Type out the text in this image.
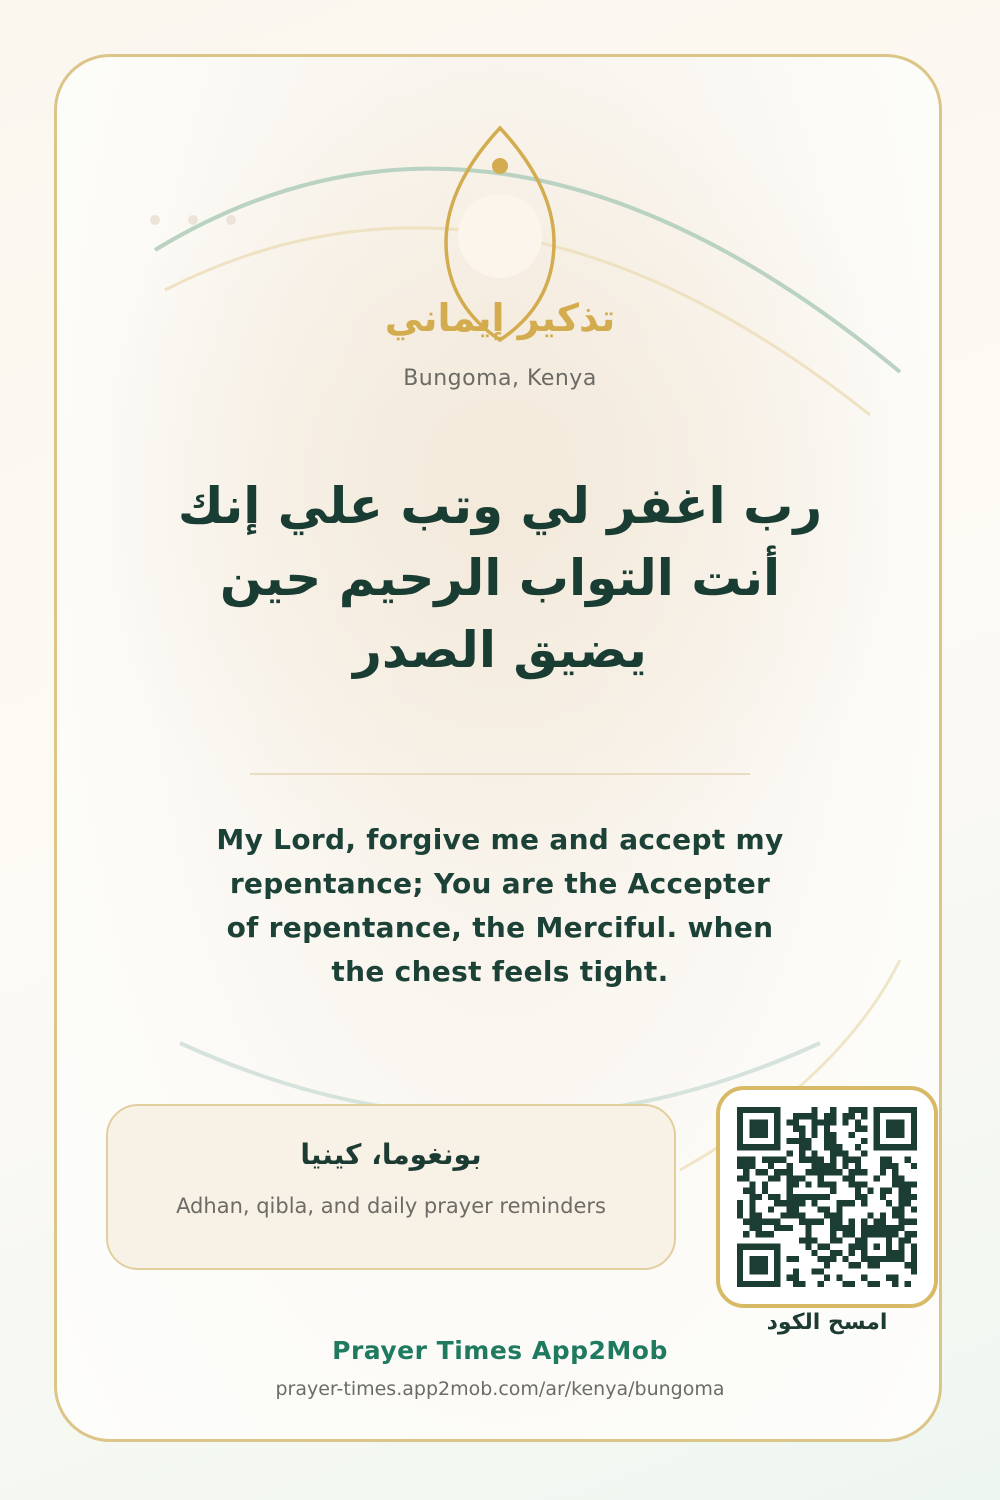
تذكير إيماني
Bungoma, Kenya
رب اغفر لي وتب علي إنك
أنت التواب الرحيم حين
يضيق الصدر
My Lord, forgive me and accept my
repentance; You are the Accepter
of repentance, the Merciful. when
the chest feels tight.
بونغوما، كينيا
Adhan, qibla, and daily prayer reminders
امسح الكود
Prayer Times App2Mob
prayer-times.app2mob.com/ar/kenya/bungoma
